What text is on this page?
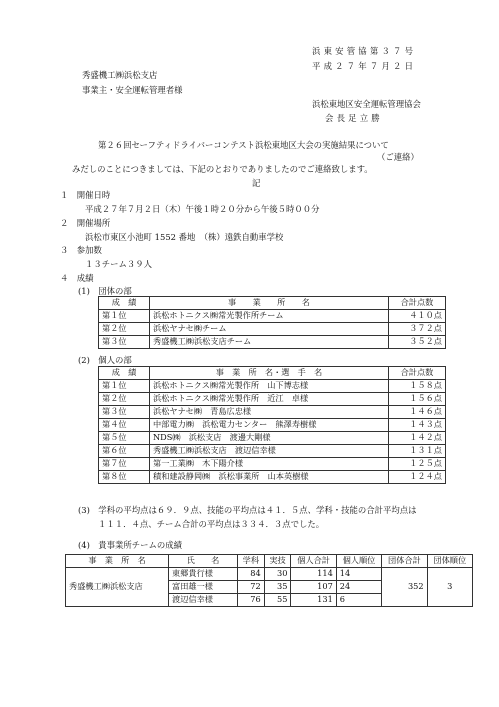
浜東安管協第３７号
平成２７年７月２日
秀盛機工㈱浜松支店
事業主・安全運転管理者様
浜松東地区安全運転管理協会
会長足立勝
第２６回セーフティドライバーコンテスト浜松東地区大会の実施結果について
（ご連絡）
みだしのことにつきましては、下記のとおりでありましたのでご連絡致します。
記
１　開催日時
平成２７年７月２日（木）午後１時２０分から午後５時００分
２　開催場所
浜松市東区小池町 1552 番地　（株）遠鉄自動車学校
３　参加数
１３チーム３９人
４　成績
(1)　団体の部
成　績	事　　業　　所　　名	合計点数
第１位	浜松ホトニクス㈱常光製作所チーム	４１０点
第２位	浜松ヤナセ㈱チーム	３７２点
第３位	秀盛機工㈱浜松支店チーム	３５２点
(2)　個人の部
成　績	事　業　所　名・選　手　名	合計点数
第１位	浜松ホトニクス㈱常光製作所　山下博志様	１５８点
第２位	浜松ホトニクス㈱常光製作所　近江　卓様	１５６点
第３位	浜松ヤナセ㈱　青島広忠様	１４６点
第４位	中部電力㈱　浜松電力センター　熊澤寿樹様	１４３点
第５位	NDS㈱　浜松支店　渡邊大剛様	１４２点
第６位	秀盛機工㈱浜松支店　渡辺信幸様	１３１点
第７位	第一工業㈱　木下陽介様	１２５点
第８位	積和建設静岡㈱　浜松事業所　山本英樹様	１２４点
(3)　学科の平均点は６９．９点、技能の平均点は４１．５点、学科・技能の合計平均点は
１１１．４点、チーム合計の平均点は３３４．３点でした。
(4)　貴事業所チームの成績
事　業　所　名	氏　　名	学科	実技	個人合計	個人順位	団体合計	団体順位
秀盛機工㈱浜松支店	東郷貴行様	84	30	114	14	352	3
	富田雄一様	72	35	107	24		
	渡辺信幸様	76	55	131	6		
